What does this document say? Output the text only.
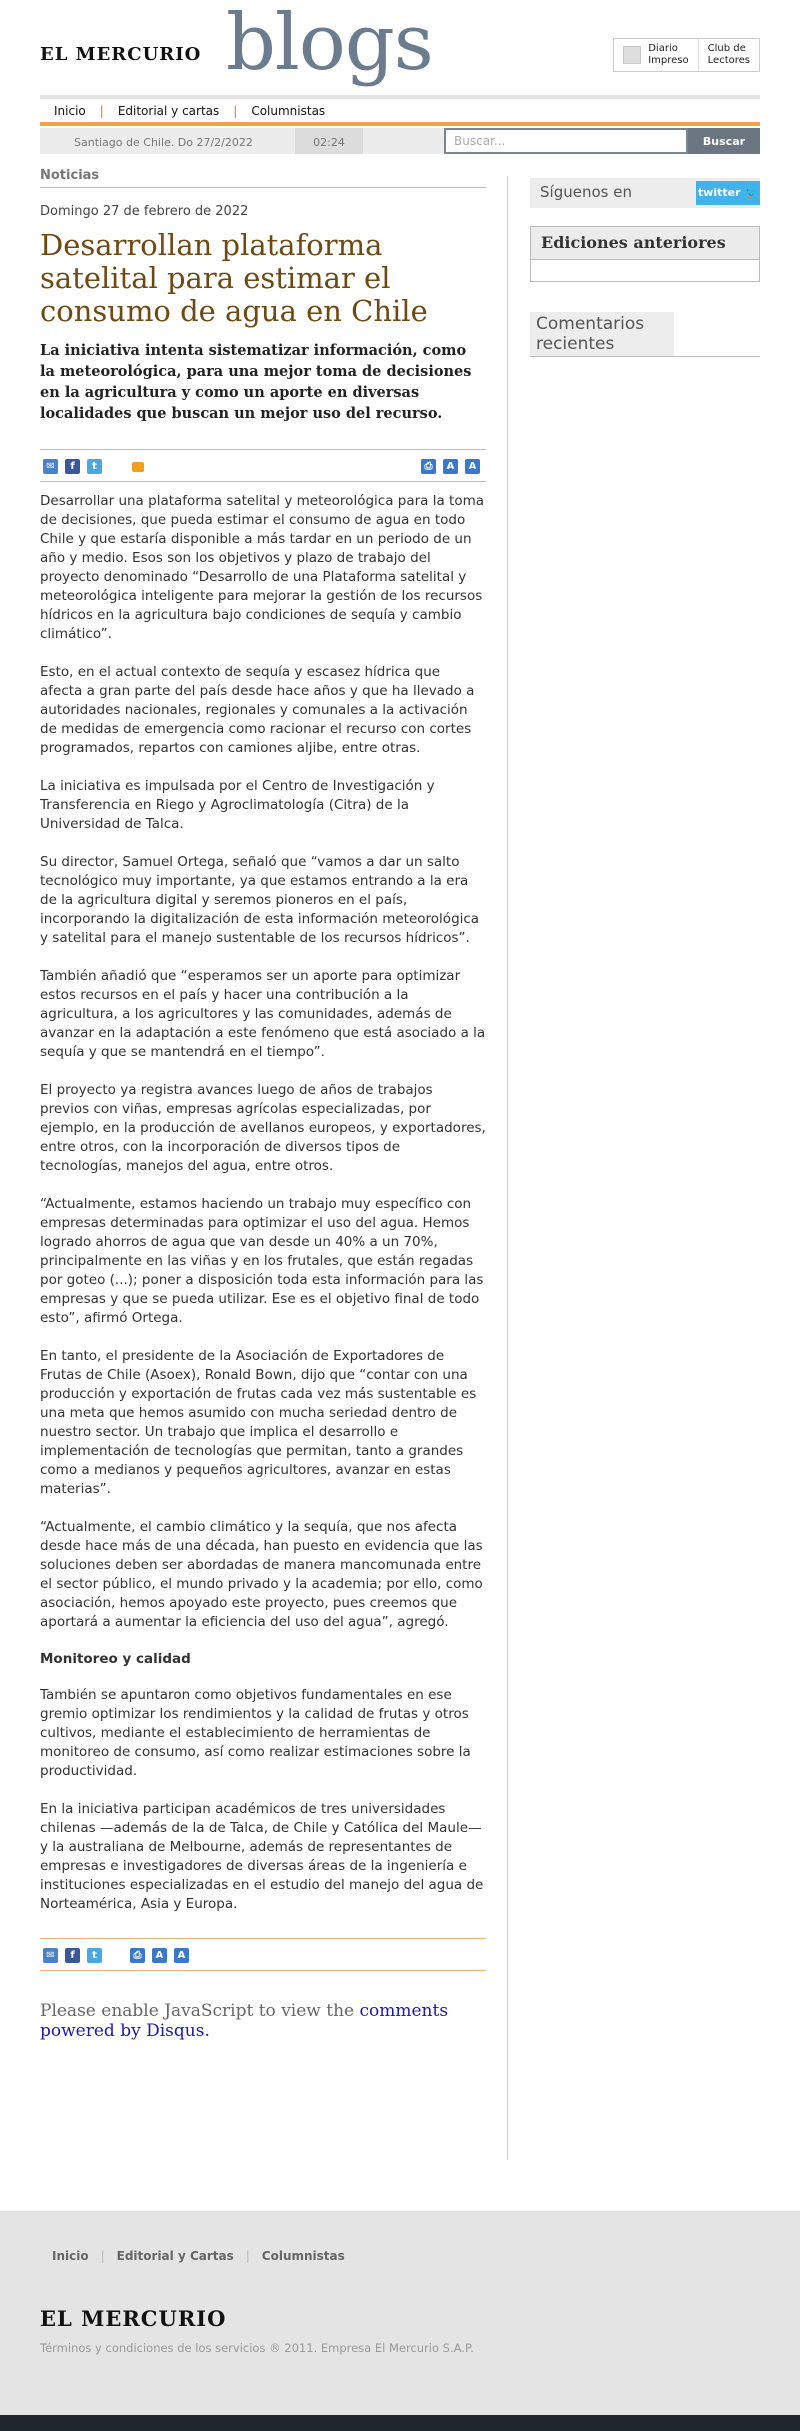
EL MERCURIO blogs	Diario
Impreso
Club de
Lectores
Inicio | Editorial y cartas | Columnistas
Santiago de Chile. Do 27/2/2022	02:24	Buscar...	Buscar
Noticias
Domingo 27 de febrero de 2022
Desarrollan plataforma satelital para estimar el consumo de agua en Chile
La iniciativa intenta sistematizar información, como la meteorológica, para una mejor toma de decisiones en la agricultura y como un aporte en diversas localidades que buscan un mejor uso del recurso.
✉	f	t	⎙	A	A

Desarrollar una plataforma satelital y meteorológica para la toma de decisiones, que pueda estimar el consumo de agua en todo Chile y que estaría disponible a más tardar en un periodo de un año y medio. Esos son los objetivos y plazo de trabajo del proyecto denominado “Desarrollo de una Plataforma satelital y meteorológica inteligente para mejorar la gestión de los recursos hídricos en la agricultura bajo condiciones de sequía y cambio climático”.

Esto, en el actual contexto de sequía y escasez hídrica que afecta a gran parte del país desde hace años y que ha llevado a autoridades nacionales, regionales y comunales a la activación de medidas de emergencia como racionar el recurso con cortes programados, repartos con camiones aljibe, entre otras.

La iniciativa es impulsada por el Centro de Investigación y Transferencia en Riego y Agroclimatología (Citra) de la Universidad de Talca.

Su director, Samuel Ortega, señaló que “vamos a dar un salto tecnológico muy importante, ya que estamos entrando a la era de la agricultura digital y seremos pioneros en el país, incorporando la digitalización de esta información meteorológica y satelital para el manejo sustentable de los recursos hídricos”.

También añadió que “esperamos ser un aporte para optimizar estos recursos en el país y hacer una contribución a la agricultura, a los agricultores y las comunidades, además de avanzar en la adaptación a este fenómeno que está asociado a la sequía y que se mantendrá en el tiempo”.

El proyecto ya registra avances luego de años de trabajos previos con viñas, empresas agrícolas especializadas, por ejemplo, en la producción de avellanos europeos, y exportadores, entre otros, con la incorporación de diversos tipos de tecnologías, manejos del agua, entre otros.

“Actualmente, estamos haciendo un trabajo muy específico con empresas determinadas para optimizar el uso del agua. Hemos logrado ahorros de agua que van desde un 40% a un 70%, principalmente en las viñas y en los frutales, que están regadas por goteo (...); poner a disposición toda esta información para las empresas y que se pueda utilizar. Ese es el objetivo final de todo esto”, afirmó Ortega.

En tanto, el presidente de la Asociación de Exportadores de Frutas de Chile (Asoex), Ronald Bown, dijo que “contar con una producción y exportación de frutas cada vez más sustentable es una meta que hemos asumido con mucha seriedad dentro de nuestro sector. Un trabajo que implica el desarrollo e implementación de tecnologías que permitan, tanto a grandes como a medianos y pequeños agricultores, avanzar en estas materias”.

“Actualmente, el cambio climático y la sequía, que nos afecta desde hace más de una década, han puesto en evidencia que las soluciones deben ser abordadas de manera mancomunada entre el sector público, el mundo privado y la academia; por ello, como asociación, hemos apoyado este proyecto, pues creemos que aportará a aumentar la eficiencia del uso del agua”, agregó.

Monitoreo y calidad

También se apuntaron como objetivos fundamentales en ese gremio optimizar los rendimientos y la calidad de frutas y otros cultivos, mediante el establecimiento de herramientas de monitoreo de consumo, así como realizar estimaciones sobre la productividad.

En la iniciativa participan académicos de tres universidades chilenas —además de la de Talca, de Chile y Católica del Maule— y la australiana de Melbourne, además de representantes de empresas e investigadores de diversas áreas de la ingeniería e instituciones especializadas en el estudio del manejo del agua de Norteamérica, Asia y Europa.

✉	f	t	⎙	A	A
Please enable JavaScript to view the comments powered by Disqus.
Síguenos en	twitter 🐦
Ediciones anteriores
Comentarios recientes
Inicio | Editorial y Cartas | Columnistas
EL MERCURIO
Términos y condiciones de los servicios ® 2011. Empresa El Mercurio S.A.P.
